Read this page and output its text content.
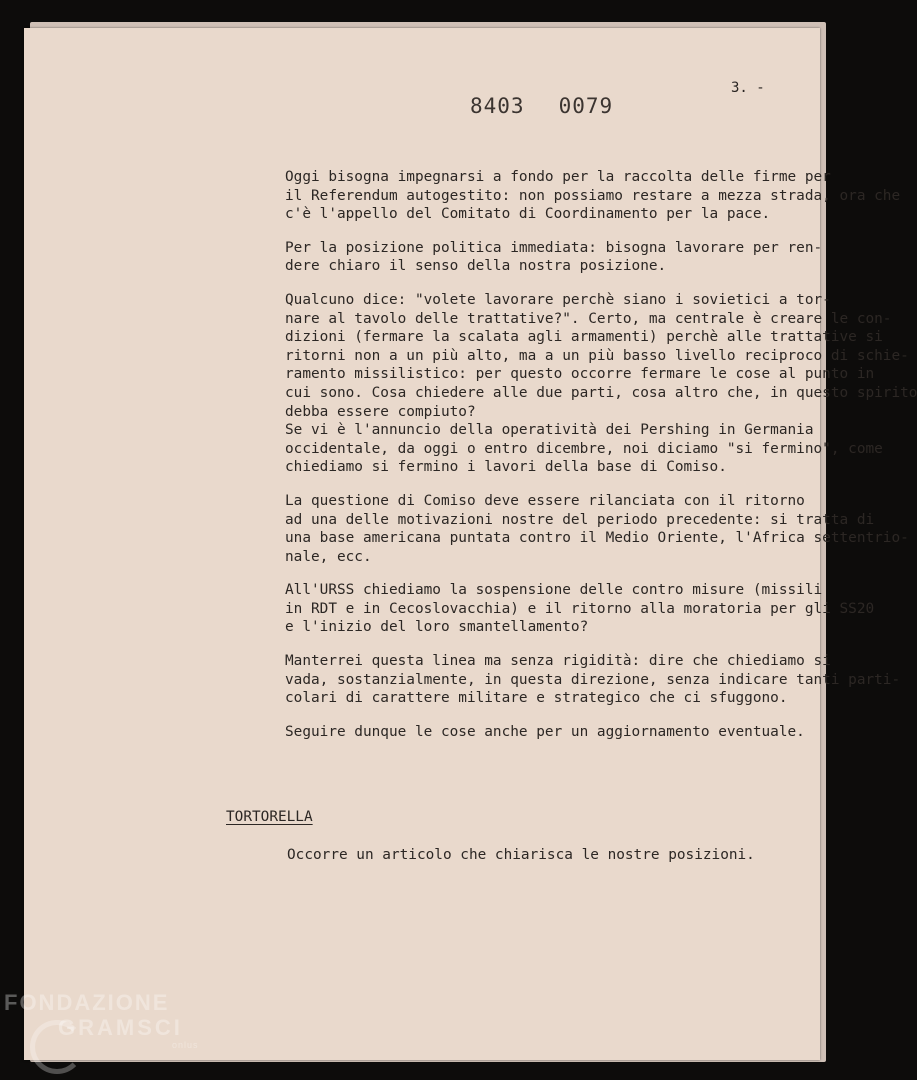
3. -
8403 0079
Oggi bisogna impegnarsi a fondo per la raccolta delle firme per
il Referendum autogestito: non possiamo restare a mezza strada, ora che
c'è l'appello del Comitato di Coordinamento per la pace.
Per la posizione politica immediata: bisogna lavorare per ren-
dere chiaro il senso della nostra posizione.
Qualcuno dice: "volete lavorare perchè siano i sovietici a tor-
nare al tavolo delle trattative?". Certo, ma centrale è creare le con-
dizioni (fermare la scalata agli armamenti) perchè alle trattative si
ritorni non a un più alto, ma a un più basso livello reciproco di schie-
ramento missilistico: per questo occorre fermare le cose al punto in
cui sono. Cosa chiedere alle due parti, cosa altro che, in questo spirito
debba essere compiuto?
Se vi è l'annuncio della operatività dei Pershing in Germania
occidentale, da oggi o entro dicembre, noi diciamo "si fermino", come
chiediamo si fermino i lavori della base di Comiso.
La questione di Comiso deve essere rilanciata con il ritorno
ad una delle motivazioni nostre del periodo precedente: si tratta di
una base americana puntata contro il Medio Oriente, l'Africa settentrio-
nale, ecc.
All'URSS chiediamo la sospensione delle contro misure (missili
in RDT e in Cecoslovacchia) e il ritorno alla moratoria per gli SS20
e l'inizio del loro smantellamento?
Manterrei questa linea ma senza rigidità: dire che chiediamo si
vada, sostanzialmente, in questa direzione, senza indicare tanti parti-
colari di carattere militare e strategico che ci sfuggono.
Seguire dunque le cose anche per un aggiornamento eventuale.
TORTORELLA
Occorre un articolo che chiarisca le nostre posizioni.
FONDAZIONE
GRAMSCI
onlus
